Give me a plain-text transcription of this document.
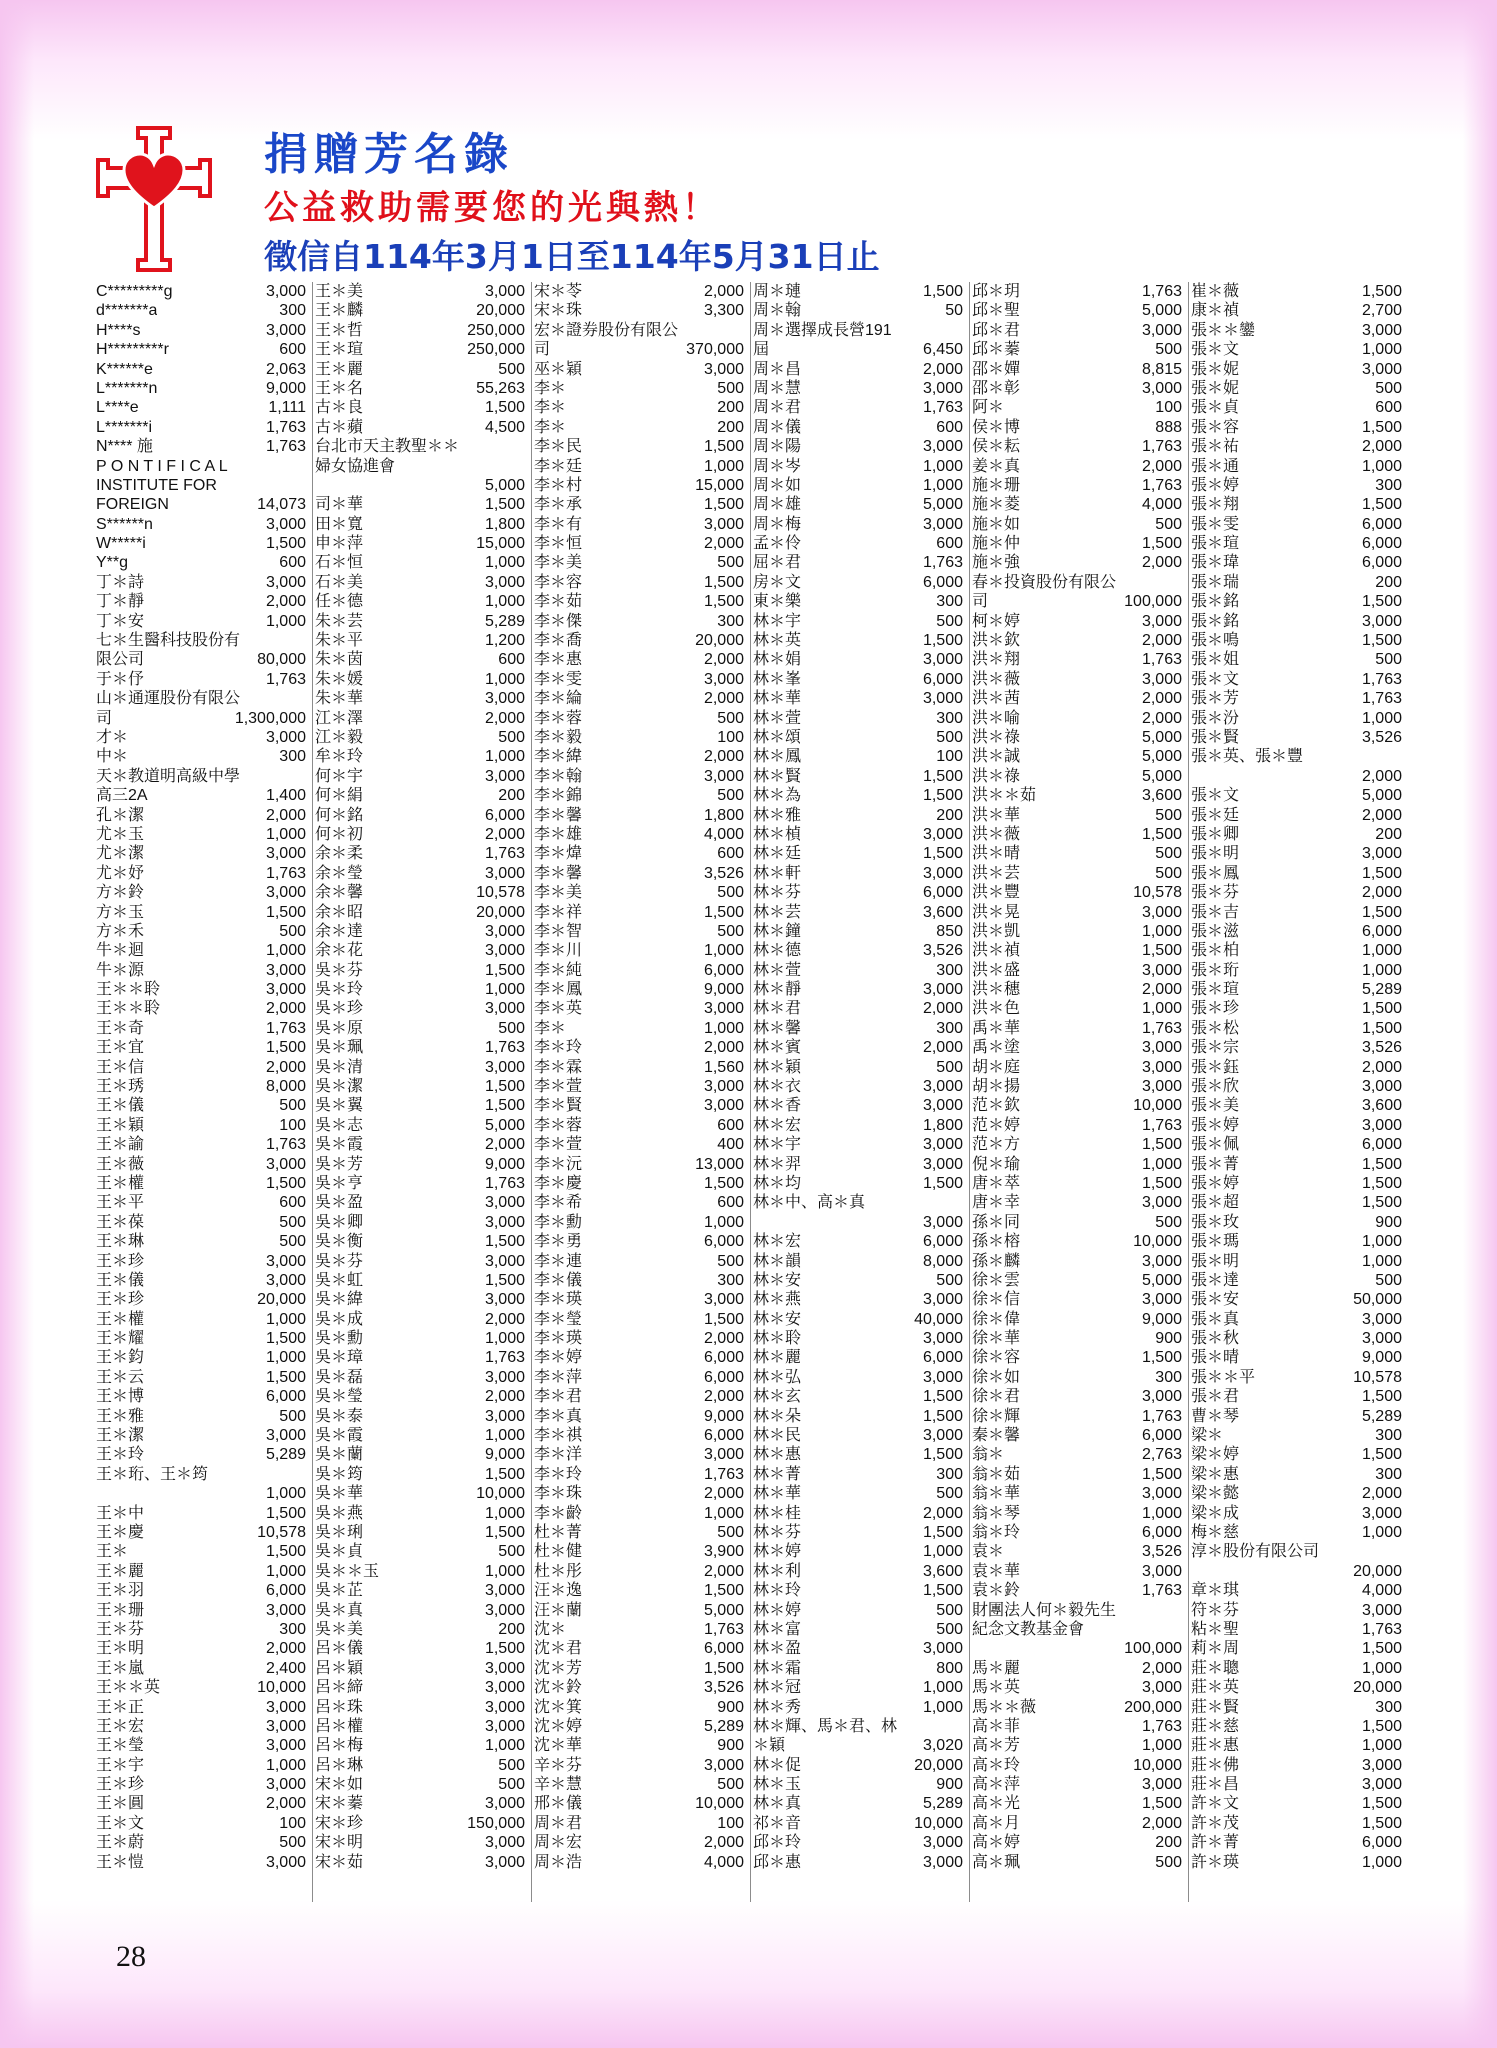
捐贈芳名錄
公益救助需要您的光與熱！
徵信自114年3月1日至114年5月31日止
C*********g	3,000
d*******a	300
H****s	3,000
H*********r	600
K******e	2,063
L*******n	9,000
L****e	1,111
L*******i	1,763
N**** 施	1,763
P O N T I F I C A L
INSTITUTE FOR
FOREIGN	14,073
S******n	3,000
W*****i	1,500
Y**g	600
丁＊詩	3,000
丁＊靜	2,000
丁＊安	1,000
七＊生醫科技股份有
限公司	80,000
于＊伃	1,763
山＊通運股份有限公
司	1,300,000
才＊	3,000
中＊	300
天＊教道明高級中學
高三2A	1,400
孔＊潔	2,000
尤＊玉	1,000
尤＊潔	3,000
尤＊妤	1,763
方＊鈴	3,000
方＊玉	1,500
方＊禾	500
牛＊迴	1,000
牛＊源	3,000
王＊＊聆	3,000
王＊＊聆	2,000
王＊奇	1,763
王＊宜	1,500
王＊信	2,000
王＊琇	8,000
王＊儀	500
王＊穎	100
王＊諭	1,763
王＊薇	3,000
王＊權	1,500
王＊平	600
王＊葆	500
王＊琳	500
王＊珍	3,000
王＊儀	3,000
王＊珍	20,000
王＊權	1,000
王＊耀	1,500
王＊鈞	1,000
王＊云	1,500
王＊博	6,000
王＊雅	500
王＊潔	3,000
王＊玲	5,289
王＊珩、王＊筠
1,000
王＊中	1,500
王＊慶	10,578
王＊	1,500
王＊麗	1,000
王＊羽	6,000
王＊珊	3,000
王＊芬	300
王＊明	2,000
王＊嵐	2,400
王＊＊英	10,000
王＊正	3,000
王＊宏	3,000
王＊瑩	3,000
王＊宇	1,000
王＊珍	3,000
王＊圓	2,000
王＊文	100
王＊蔚	500
王＊愷	3,000
王＊美	3,000
王＊麟	20,000
王＊哲	250,000
王＊瑄	250,000
王＊麗	500
王＊名	55,263
古＊良	1,500
古＊蘋	4,500
台北市天主教聖＊＊
婦女協進會
5,000
司＊華	1,500
田＊寬	1,800
申＊萍	15,000
石＊恒	1,000
石＊美	3,000
任＊德	1,000
朱＊芸	5,289
朱＊平	1,200
朱＊茵	600
朱＊媛	1,000
朱＊華	3,000
江＊澤	2,000
江＊毅	500
牟＊玲	1,000
何＊宇	3,000
何＊絹	200
何＊銘	6,000
何＊初	2,000
余＊柔	1,763
余＊瑩	3,000
余＊馨	10,578
余＊昭	20,000
余＊達	3,000
余＊花	3,000
吳＊芬	1,500
吳＊玲	1,000
吳＊珍	3,000
吳＊原	500
吳＊珮	1,763
吳＊清	3,000
吳＊潔	1,500
吳＊翼	1,500
吳＊志	5,000
吳＊霞	2,000
吳＊芳	9,000
吳＊亨	1,763
吳＊盈	3,000
吳＊卿	3,000
吳＊衡	1,500
吳＊芬	3,000
吳＊虹	1,500
吳＊緯	3,000
吳＊成	2,000
吳＊勳	1,000
吳＊璋	1,763
吳＊磊	3,000
吳＊瑩	2,000
吳＊泰	3,000
吳＊霞	1,000
吳＊蘭	9,000
吳＊筠	1,500
吳＊華	10,000
吳＊燕	1,000
吳＊琍	1,500
吳＊貞	500
吳＊＊玉	1,000
吳＊芷	3,000
吳＊真	3,000
吳＊美	200
呂＊儀	1,500
呂＊穎	3,000
呂＊締	3,000
呂＊珠	3,000
呂＊權	3,000
呂＊梅	1,000
呂＊琳	500
宋＊如	500
宋＊蓁	3,000
宋＊珍	150,000
宋＊明	3,000
宋＊茹	3,000
宋＊苓	2,000
宋＊珠	3,300
宏＊證券股份有限公
司	370,000
巫＊穎	3,000
李＊	500
李＊	200
李＊	200
李＊民	1,500
李＊廷	1,000
李＊村	15,000
李＊承	1,500
李＊有	3,000
李＊恒	2,000
李＊美	500
李＊容	1,500
李＊茹	1,500
李＊傑	300
李＊喬	20,000
李＊惠	2,000
李＊雯	3,000
李＊綸	2,000
李＊蓉	500
李＊毅	100
李＊緯	2,000
李＊翰	3,000
李＊錦	500
李＊馨	1,800
李＊雄	4,000
李＊煒	600
李＊馨	3,526
李＊美	500
李＊祥	1,500
李＊智	500
李＊川	1,000
李＊純	6,000
李＊鳳	9,000
李＊英	3,000
李＊	1,000
李＊玲	2,000
李＊霖	1,560
李＊萱	3,000
李＊賢	3,000
李＊蓉	600
李＊萱	400
李＊沅	13,000
李＊慶	1,500
李＊希	600
李＊勳	1,000
李＊勇	6,000
李＊連	500
李＊儀	300
李＊瑛	3,000
李＊瑩	1,500
李＊瑛	2,000
李＊婷	6,000
李＊萍	6,000
李＊君	2,000
李＊真	9,000
李＊祺	6,000
李＊洋	3,000
李＊玲	1,763
李＊珠	2,000
李＊齡	1,000
杜＊菁	500
杜＊健	3,900
杜＊彤	2,000
汪＊逸	1,500
汪＊蘭	5,000
沈＊	1,763
沈＊君	6,000
沈＊芳	1,500
沈＊鈴	3,526
沈＊箕	900
沈＊婷	5,289
沈＊華	900
辛＊芬	3,000
辛＊慧	500
邢＊儀	10,000
周＊君	100
周＊宏	2,000
周＊浩	4,000
周＊璉	1,500
周＊翰	50
周＊選擇成長營191
屆	6,450
周＊昌	2,000
周＊慧	3,000
周＊君	1,763
周＊儀	600
周＊陽	3,000
周＊岑	1,000
周＊如	1,000
周＊雄	5,000
周＊梅	3,000
孟＊伶	600
屈＊君	1,763
房＊文	6,000
東＊樂	300
林＊宇	500
林＊英	1,500
林＊娟	3,000
林＊峯	6,000
林＊華	3,000
林＊萱	300
林＊頌	500
林＊鳳	100
林＊賢	1,500
林＊為	1,500
林＊雅	200
林＊楨	3,000
林＊廷	1,500
林＊軒	3,000
林＊芬	6,000
林＊芸	3,600
林＊鐘	850
林＊德	3,526
林＊萱	300
林＊靜	3,000
林＊君	2,000
林＊馨	300
林＊賓	2,000
林＊穎	500
林＊衣	3,000
林＊香	3,000
林＊宏	1,800
林＊宇	3,000
林＊羿	3,000
林＊均	1,500
林＊中、高＊真
3,000
林＊宏	6,000
林＊韻	8,000
林＊安	500
林＊燕	3,000
林＊安	40,000
林＊聆	3,000
林＊麗	6,000
林＊弘	3,000
林＊玄	1,500
林＊朵	1,500
林＊民	3,000
林＊惠	1,500
林＊菁	300
林＊華	500
林＊桂	2,000
林＊芬	1,500
林＊婷	1,000
林＊利	3,600
林＊玲	1,500
林＊婷	500
林＊富	500
林＊盈	3,000
林＊霜	800
林＊冠	1,000
林＊秀	1,000
林＊輝、馬＊君、林
＊穎	3,020
林＊促	20,000
林＊玉	900
林＊真	5,289
祁＊音	10,000
邱＊玲	3,000
邱＊惠	3,000
邱＊玥	1,763
邱＊聖	5,000
邱＊君	3,000
邱＊蓁	500
邵＊嬋	8,815
邵＊彰	3,000
阿＊	100
侯＊博	888
侯＊耘	1,763
姜＊真	2,000
施＊珊	1,763
施＊菱	4,000
施＊如	500
施＊仲	1,500
施＊強	2,000
春＊投資股份有限公
司	100,000
柯＊婷	3,000
洪＊欽	2,000
洪＊翔	1,763
洪＊薇	3,000
洪＊茜	2,000
洪＊喻	2,000
洪＊祿	5,000
洪＊誠	5,000
洪＊祿	5,000
洪＊＊茹	3,600
洪＊華	500
洪＊薇	1,500
洪＊晴	500
洪＊芸	500
洪＊豐	10,578
洪＊晃	3,000
洪＊凱	1,000
洪＊禎	1,500
洪＊盛	3,000
洪＊穗	2,000
洪＊色	1,000
禹＊華	1,763
禹＊塗	3,000
胡＊庭	3,000
胡＊揚	3,000
范＊欽	10,000
范＊婷	1,763
范＊方	1,500
倪＊瑜	1,000
唐＊萃	1,500
唐＊幸	3,000
孫＊同	500
孫＊榕	10,000
孫＊麟	3,000
徐＊雲	5,000
徐＊信	3,000
徐＊偉	9,000
徐＊華	900
徐＊容	1,500
徐＊如	300
徐＊君	3,000
徐＊輝	1,763
秦＊馨	6,000
翁＊	2,763
翁＊茹	1,500
翁＊華	3,000
翁＊琴	1,000
翁＊玲	6,000
袁＊	3,526
袁＊華	3,000
袁＊鈴	1,763
財團法人何＊毅先生
紀念文教基金會
100,000
馬＊麗	2,000
馬＊英	3,000
馬＊＊薇	200,000
高＊菲	1,763
高＊芳	1,000
高＊玲	10,000
高＊萍	3,000
高＊光	1,500
高＊月	2,000
高＊婷	200
高＊珮	500
崔＊薇	1,500
康＊禎	2,700
張＊＊鑾	3,000
張＊文	1,000
張＊妮	3,000
張＊妮	500
張＊貞	600
張＊容	1,500
張＊祐	2,000
張＊通	1,000
張＊婷	300
張＊翔	1,500
張＊雯	6,000
張＊瑄	6,000
張＊瑋	6,000
張＊瑞	200
張＊銘	1,500
張＊銘	3,000
張＊鳴	1,500
張＊姐	500
張＊文	1,763
張＊芳	1,763
張＊汾	1,000
張＊賢	3,526
張＊英、張＊豐
2,000
張＊文	5,000
張＊廷	2,000
張＊卿	200
張＊明	3,000
張＊鳳	1,500
張＊芬	2,000
張＊吉	1,500
張＊滋	6,000
張＊柏	1,000
張＊珩	1,000
張＊瑄	5,289
張＊珍	1,500
張＊松	1,500
張＊宗	3,526
張＊鈺	2,000
張＊欣	3,000
張＊美	3,600
張＊婷	3,000
張＊佩	6,000
張＊菁	1,500
張＊婷	1,500
張＊超	1,500
張＊玫	900
張＊瑪	1,000
張＊明	1,000
張＊達	500
張＊安	50,000
張＊真	3,000
張＊秋	3,000
張＊晴	9,000
張＊＊平	10,578
張＊君	1,500
曹＊琴	5,289
梁＊	300
梁＊婷	1,500
梁＊惠	300
梁＊懿	2,000
梁＊成	3,000
梅＊慈	1,000
淳＊股份有限公司
20,000
章＊琪	4,000
符＊芬	3,000
粘＊聖	1,763
莉＊周	1,500
莊＊聰	1,000
莊＊英	20,000
莊＊賢	300
莊＊慈	1,500
莊＊惠	1,000
莊＊佛	3,000
莊＊昌	3,000
許＊文	1,500
許＊茂	1,500
許＊菁	6,000
許＊瑛	1,000
28
